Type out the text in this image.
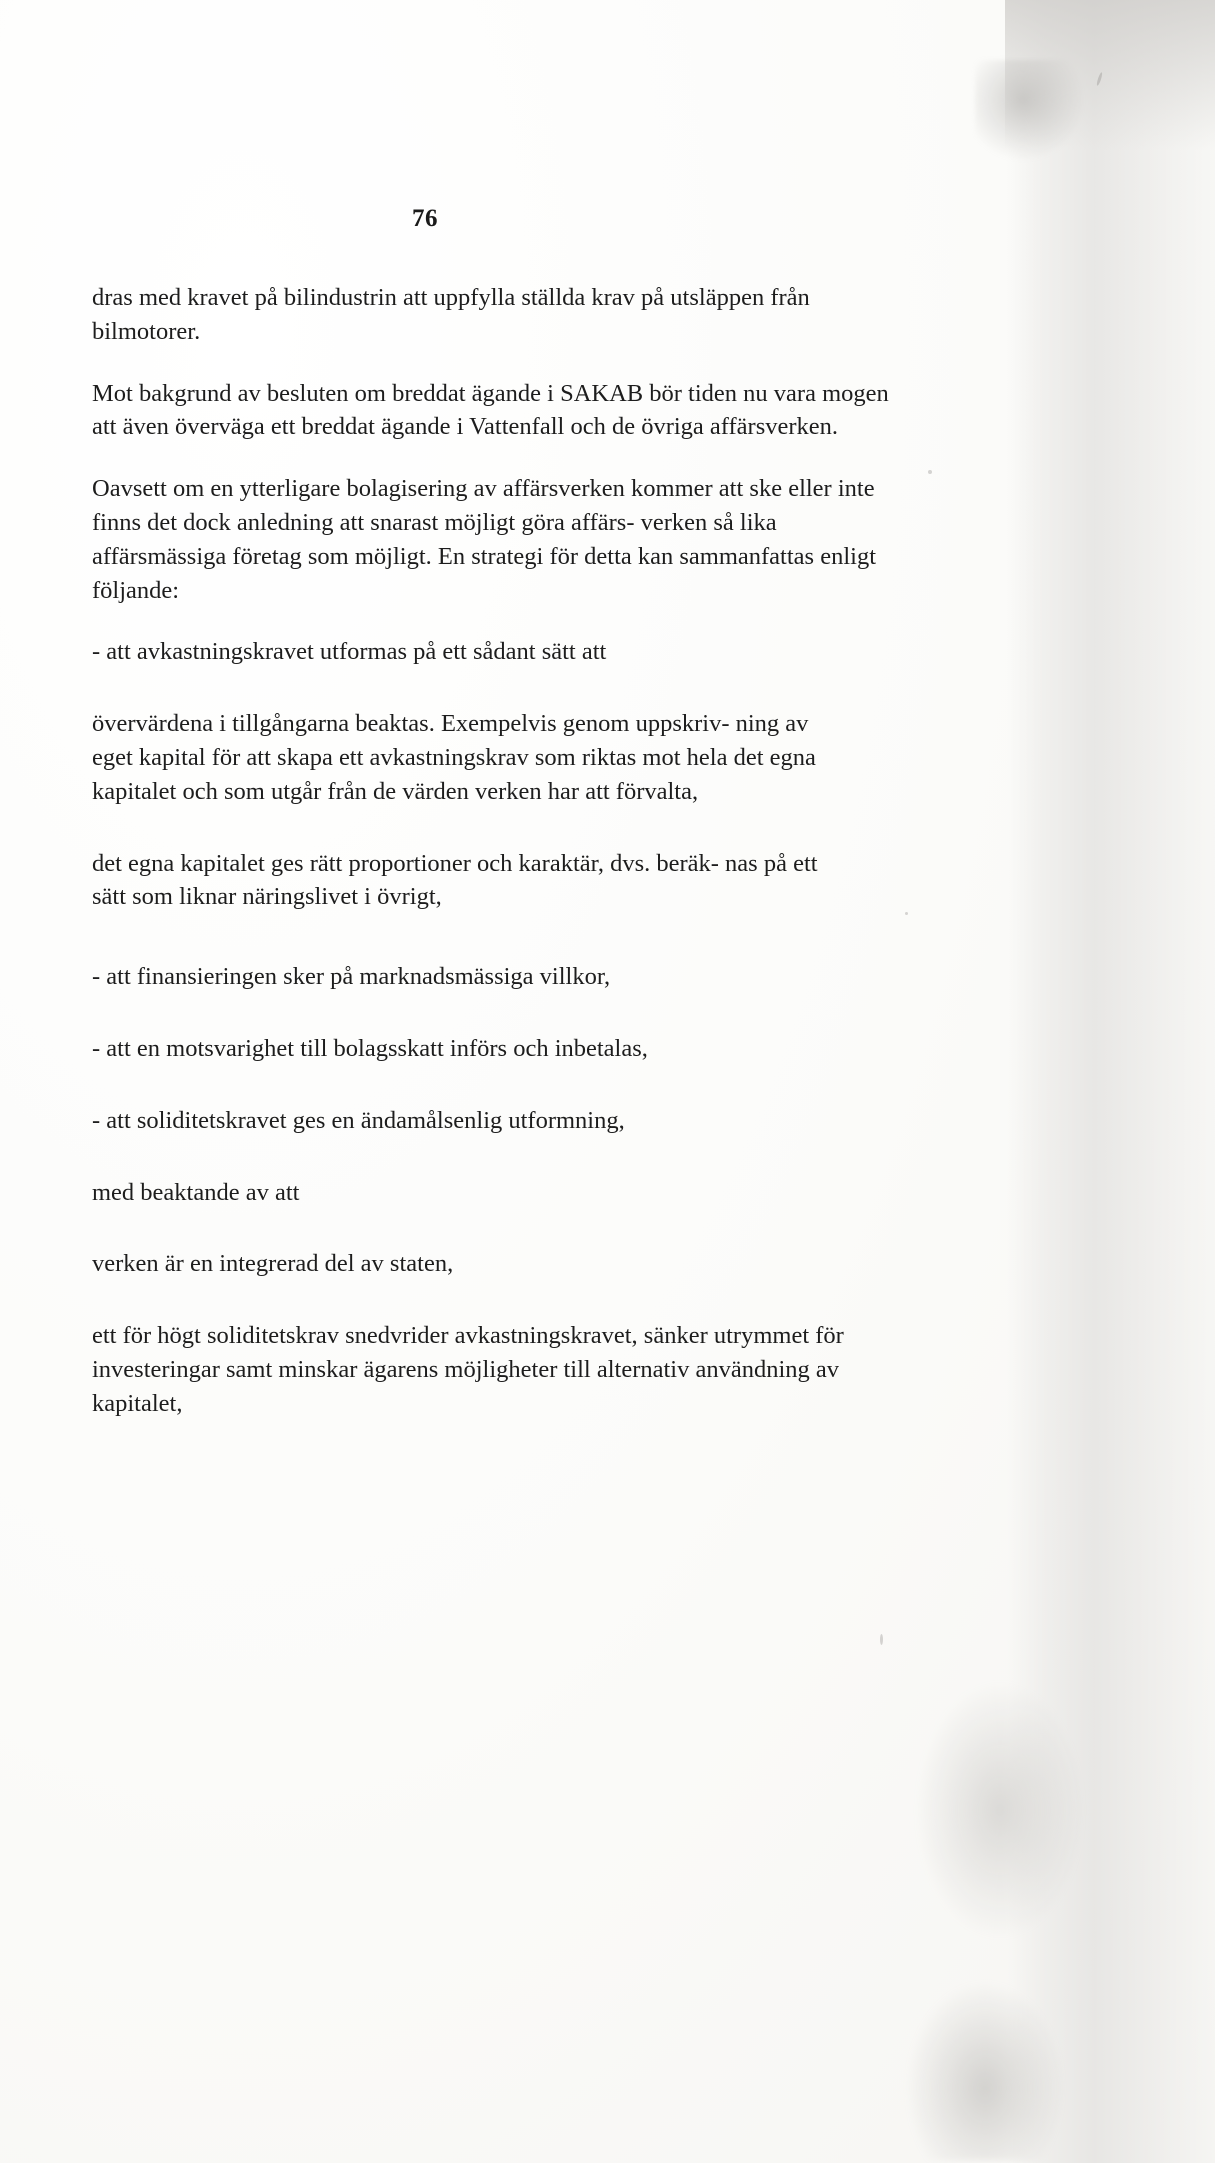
76

dras med kravet på bilindustrin att uppfylla ställda krav på utsläppen från bilmotorer.

Mot bakgrund av besluten om breddat ägande i SAKAB bör tiden nu vara mogen att även överväga ett breddat ägande i Vattenfall och de övriga affärsverken.

Oavsett om en ytterligare bolagisering av affärsverken kommer att ske eller inte finns det dock anledning att snarast möjligt göra affärs- verken så lika affärsmässiga företag som möjligt. En strategi för detta kan sammanfattas enligt följande:

- att avkastningskravet utformas på ett sådant sätt att

övervärdena i tillgångarna beaktas. Exempelvis genom uppskriv- ning av eget kapital för att skapa ett avkastningskrav som riktas mot hela det egna kapitalet och som utgår från de värden verken har att förvalta,

det egna kapitalet ges rätt proportioner och karaktär, dvs. beräk- nas på ett sätt som liknar näringslivet i övrigt,

- att finansieringen sker på marknadsmässiga villkor,

- att en motsvarighet till bolagsskatt införs och inbetalas,

- att soliditetskravet ges en ändamålsenlig utformning,

med beaktande av att

verken är en integrerad del av staten,

ett för högt soliditetskrav snedvrider avkastningskravet, sänker utrymmet för investeringar samt minskar ägarens möjligheter till alternativ användning av kapitalet,
